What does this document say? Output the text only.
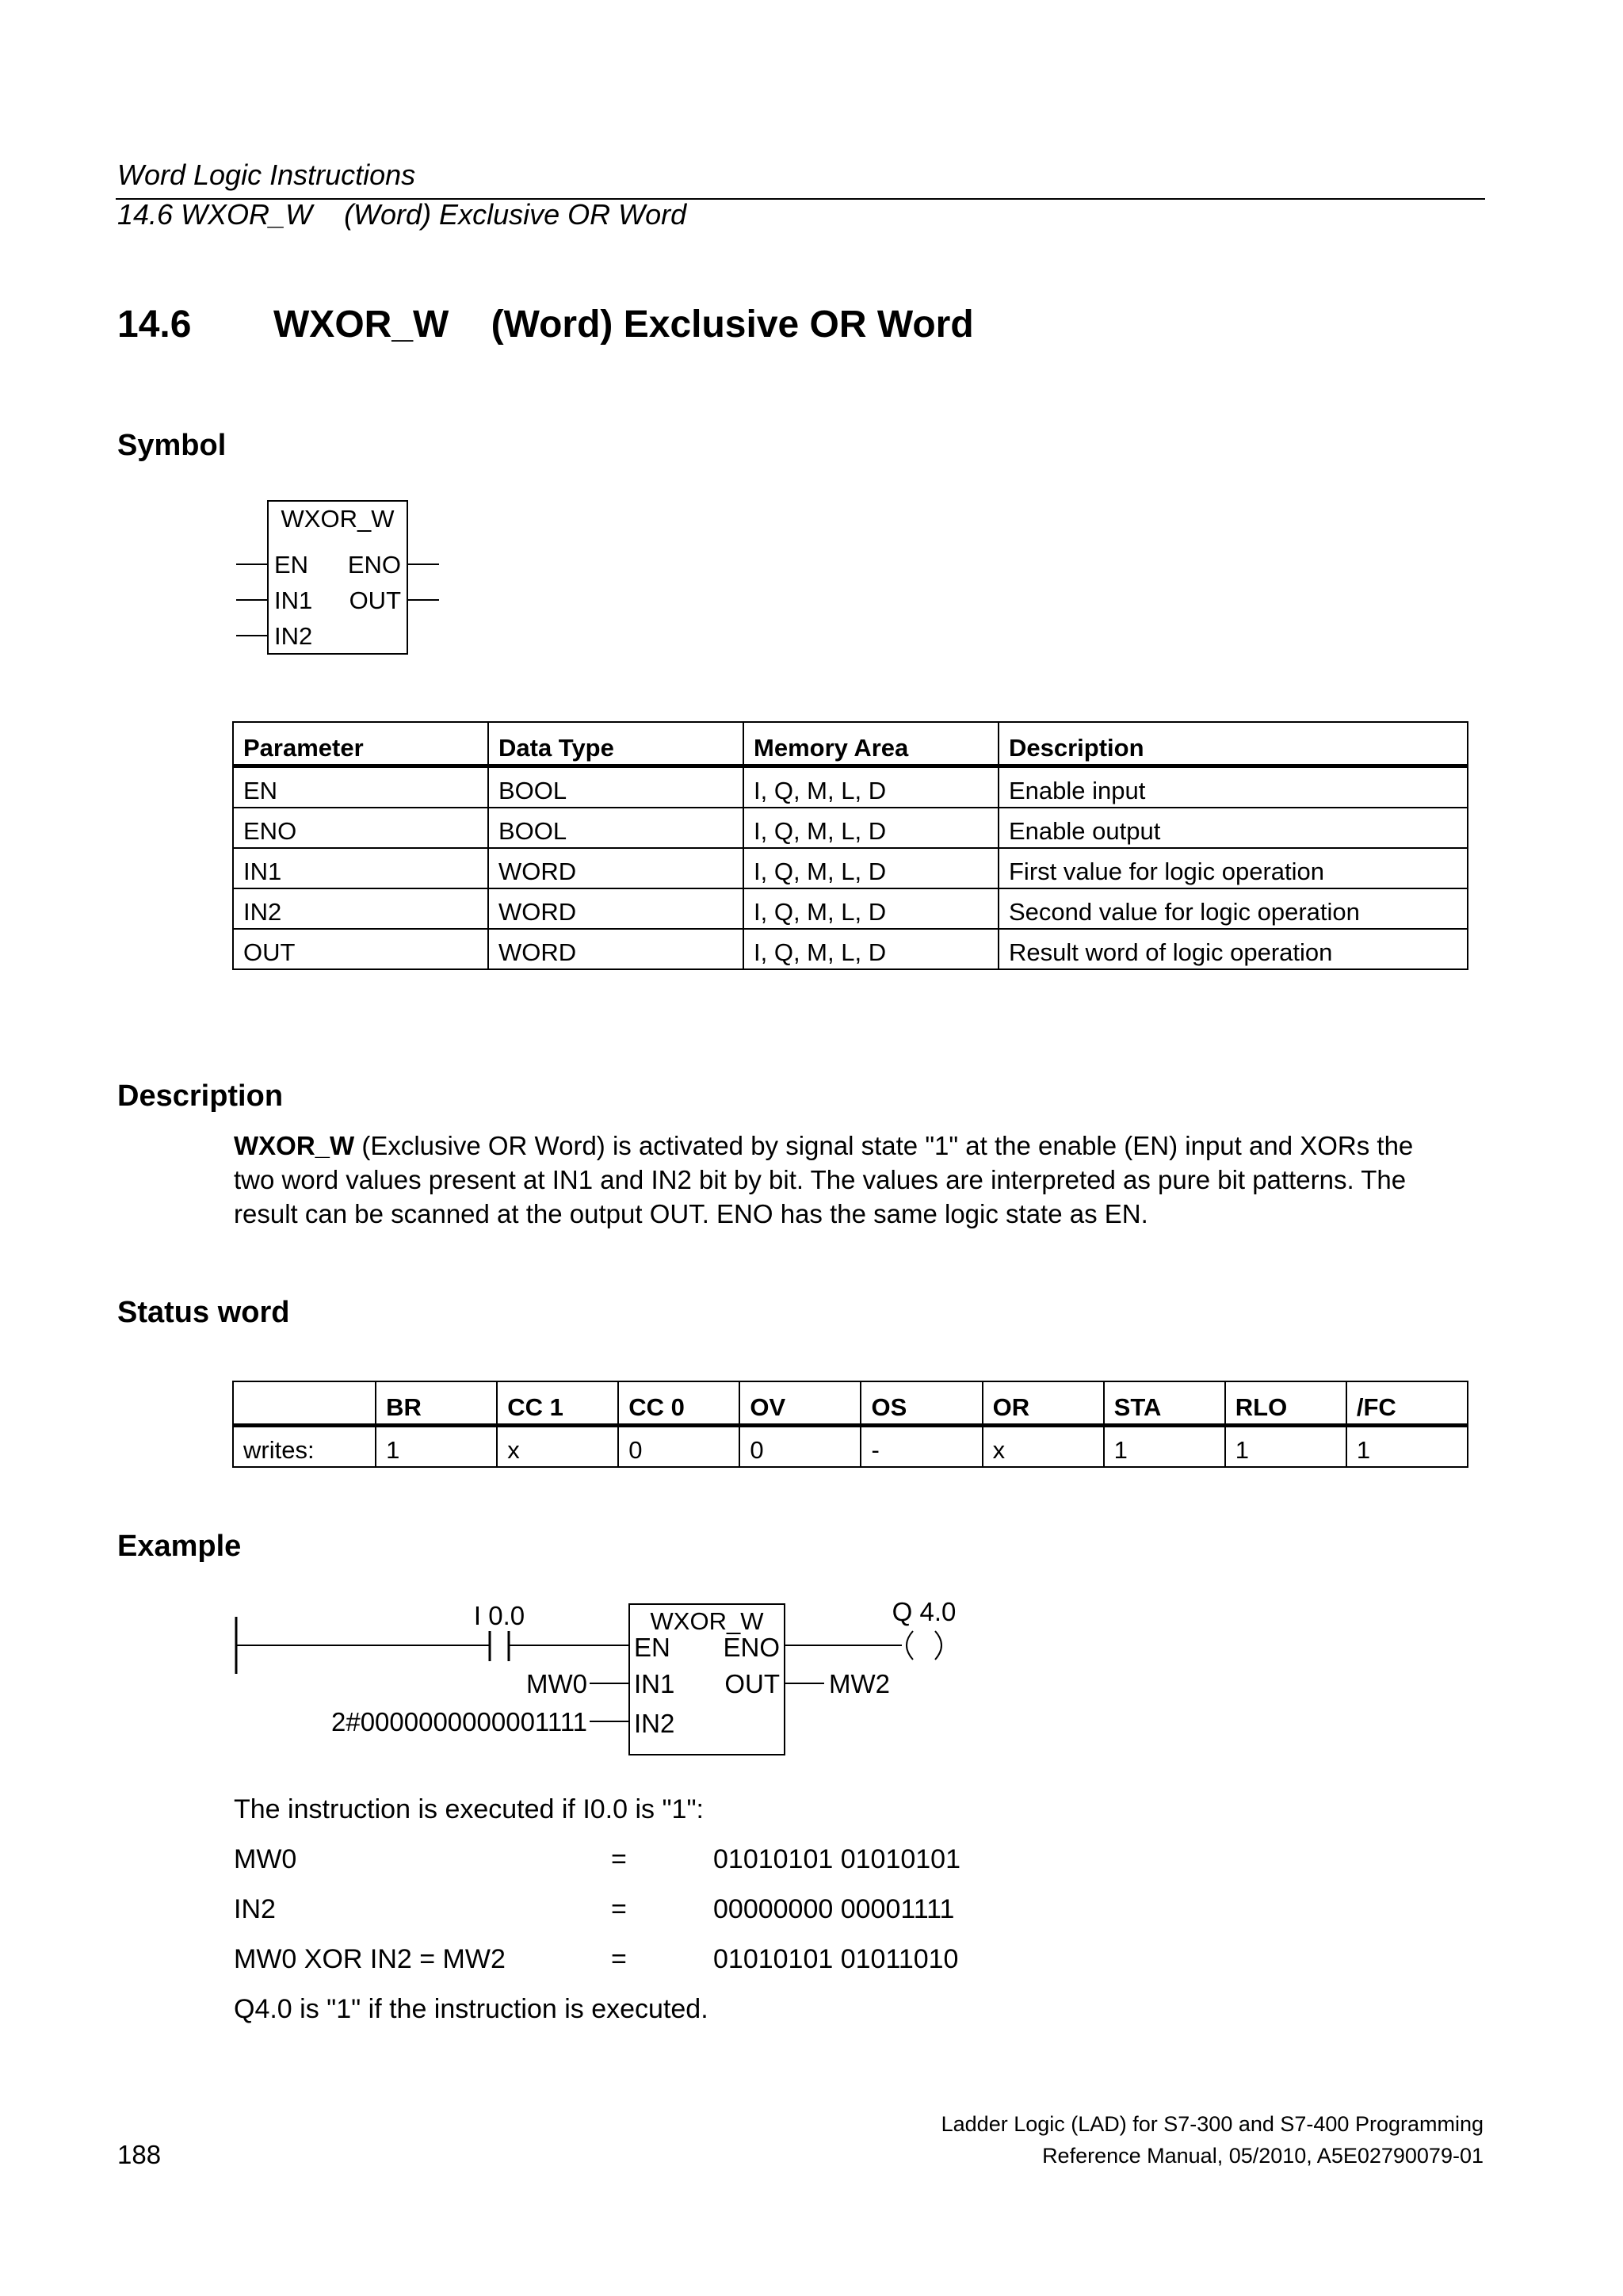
Word Logic Instructions
14.6 WXOR_W    (Word) Exclusive OR Word
14.6 WXOR_W    (Word) Exclusive OR Word
Symbol
WXOR_W
EN
IN1
IN2
ENO
OUT
Parameter	Data Type	Memory Area	Description
EN	BOOL	I, Q, M, L, D	Enable input
ENO	BOOL	I, Q, M, L, D	Enable output
IN1	WORD	I, Q, M, L, D	First value for logic operation
IN2	WORD	I, Q, M, L, D	Second value for logic operation
OUT	WORD	I, Q, M, L, D	Result word of logic operation
Description
WXOR_W (Exclusive OR Word) is activated by signal state "1" at the enable (EN) input and XORs the
two word values present at IN1 and IN2 bit by bit. The values are interpreted as pure bit patterns. The
result can be scanned at the output OUT. ENO has the same logic state as EN.
Status word
	BR	CC 1	CC 0	OV	OS	OR	STA	RLO	/FC
writes:	1	x	0	0	-	x	1	1	1
Example
I 0.0	WXOR_W
EN ENO
IN1 OUT
IN2
MW0
2#0000000000001111
Q 4.0
MW2
The instruction is executed if I0.0 is "1":
MW0	=	01010101 01010101
IN2	=	00000000 00001111
MW0 XOR IN2 = MW2	=	01010101 01011010
Q4.0 is "1" if the instruction is executed.
188
Ladder Logic (LAD) for S7-300 and S7-400 Programming
Reference Manual, 05/2010, A5E02790079-01
